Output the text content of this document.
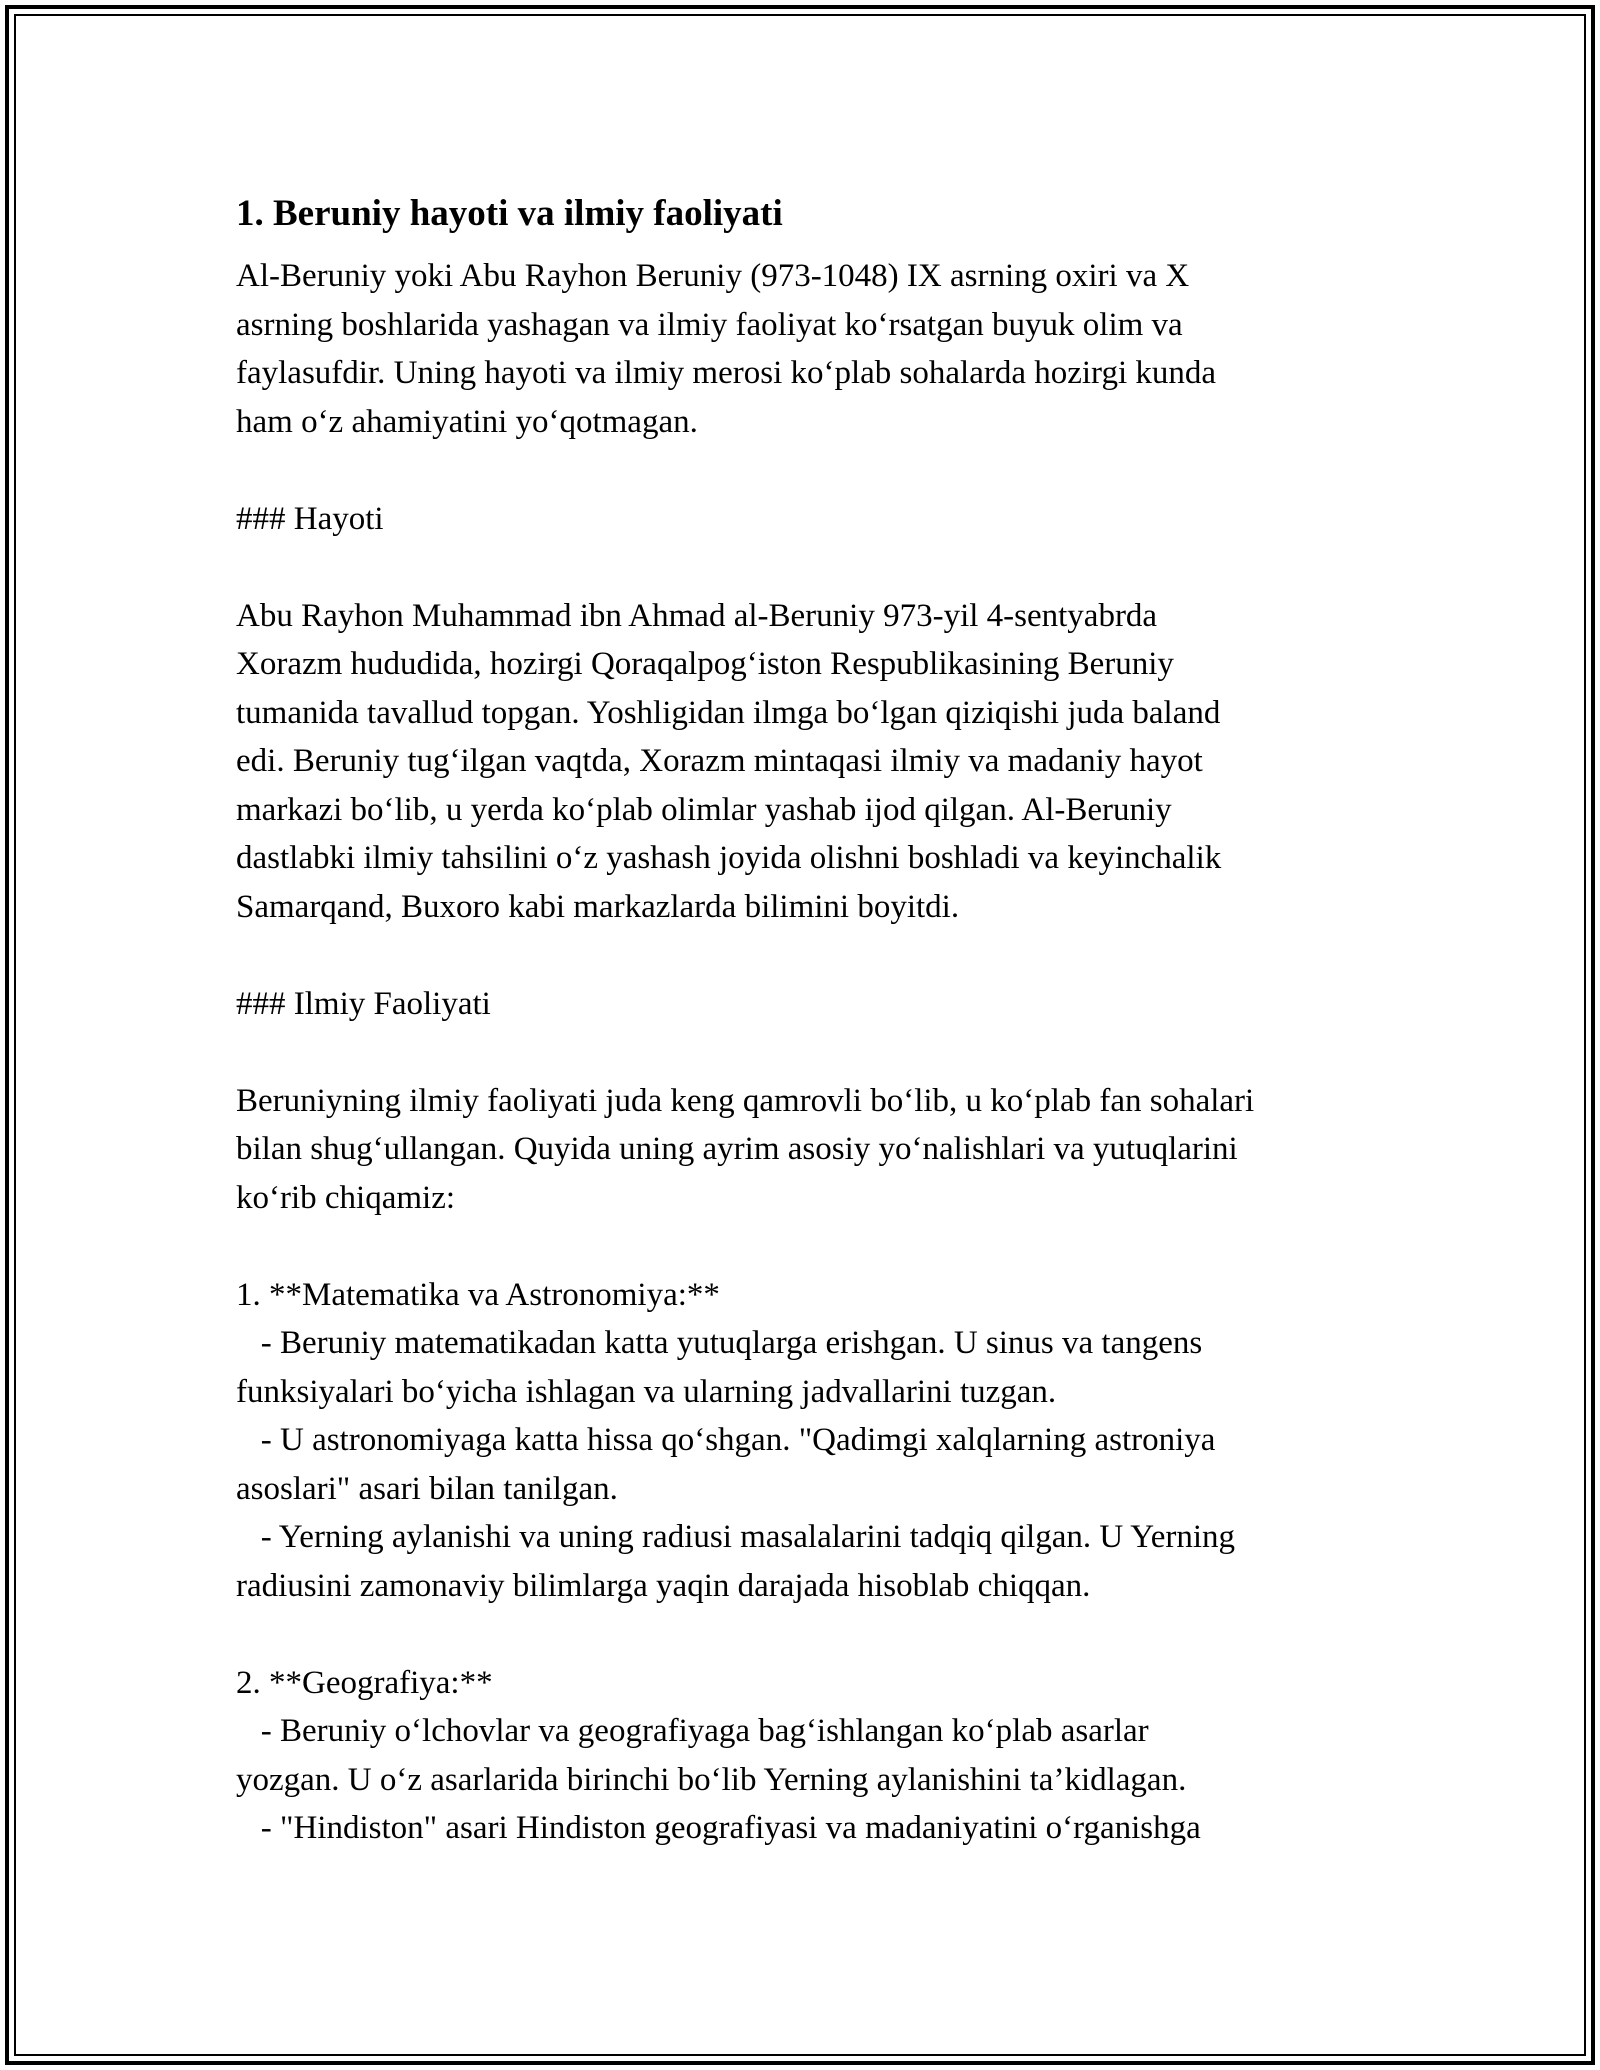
1. Beruniy hayoti va ilmiy faoliyati
Al-Beruniy yoki Abu Rayhon Beruniy (973-1048) IX asrning oxiri va X
asrning boshlarida yashagan va ilmiy faoliyat ko‘rsatgan buyuk olim va
faylasufdir. Uning hayoti va ilmiy merosi ko‘plab sohalarda hozirgi kunda
ham o‘z ahamiyatini yo‘qotmagan.
### Hayoti
Abu Rayhon Muhammad ibn Ahmad al-Beruniy 973-yil 4-sentyabrda
Xorazm hududida, hozirgi Qoraqalpog‘iston Respublikasining Beruniy
tumanida tavallud topgan. Yoshligidan ilmga bo‘lgan qiziqishi juda baland
edi. Beruniy tug‘ilgan vaqtda, Xorazm mintaqasi ilmiy va madaniy hayot
markazi bo‘lib, u yerda ko‘plab olimlar yashab ijod qilgan. Al-Beruniy
dastlabki ilmiy tahsilini o‘z yashash joyida olishni boshladi va keyinchalik
Samarqand, Buxoro kabi markazlarda bilimini boyitdi.
### Ilmiy Faoliyati
Beruniyning ilmiy faoliyati juda keng qamrovli bo‘lib, u ko‘plab fan sohalari
bilan shug‘ullangan. Quyida uning ayrim asosiy yo‘nalishlari va yutuqlarini
ko‘rib chiqamiz:
1. **Matematika va Astronomiya:**
- Beruniy matematikadan katta yutuqlarga erishgan. U sinus va tangens
funksiyalari bo‘yicha ishlagan va ularning jadvallarini tuzgan.
- U astronomiyaga katta hissa qo‘shgan. "Qadimgi xalqlarning astroniya
asoslari" asari bilan tanilgan.
- Yerning aylanishi va uning radiusi masalalarini tadqiq qilgan. U Yerning
radiusini zamonaviy bilimlarga yaqin darajada hisoblab chiqqan.
2. **Geografiya:**
- Beruniy o‘lchovlar va geografiyaga bag‘ishlangan ko‘plab asarlar
yozgan. U o‘z asarlarida birinchi bo‘lib Yerning aylanishini ta’kidlagan.
- "Hindiston" asari Hindiston geografiyasi va madaniyatini o‘rganishga
